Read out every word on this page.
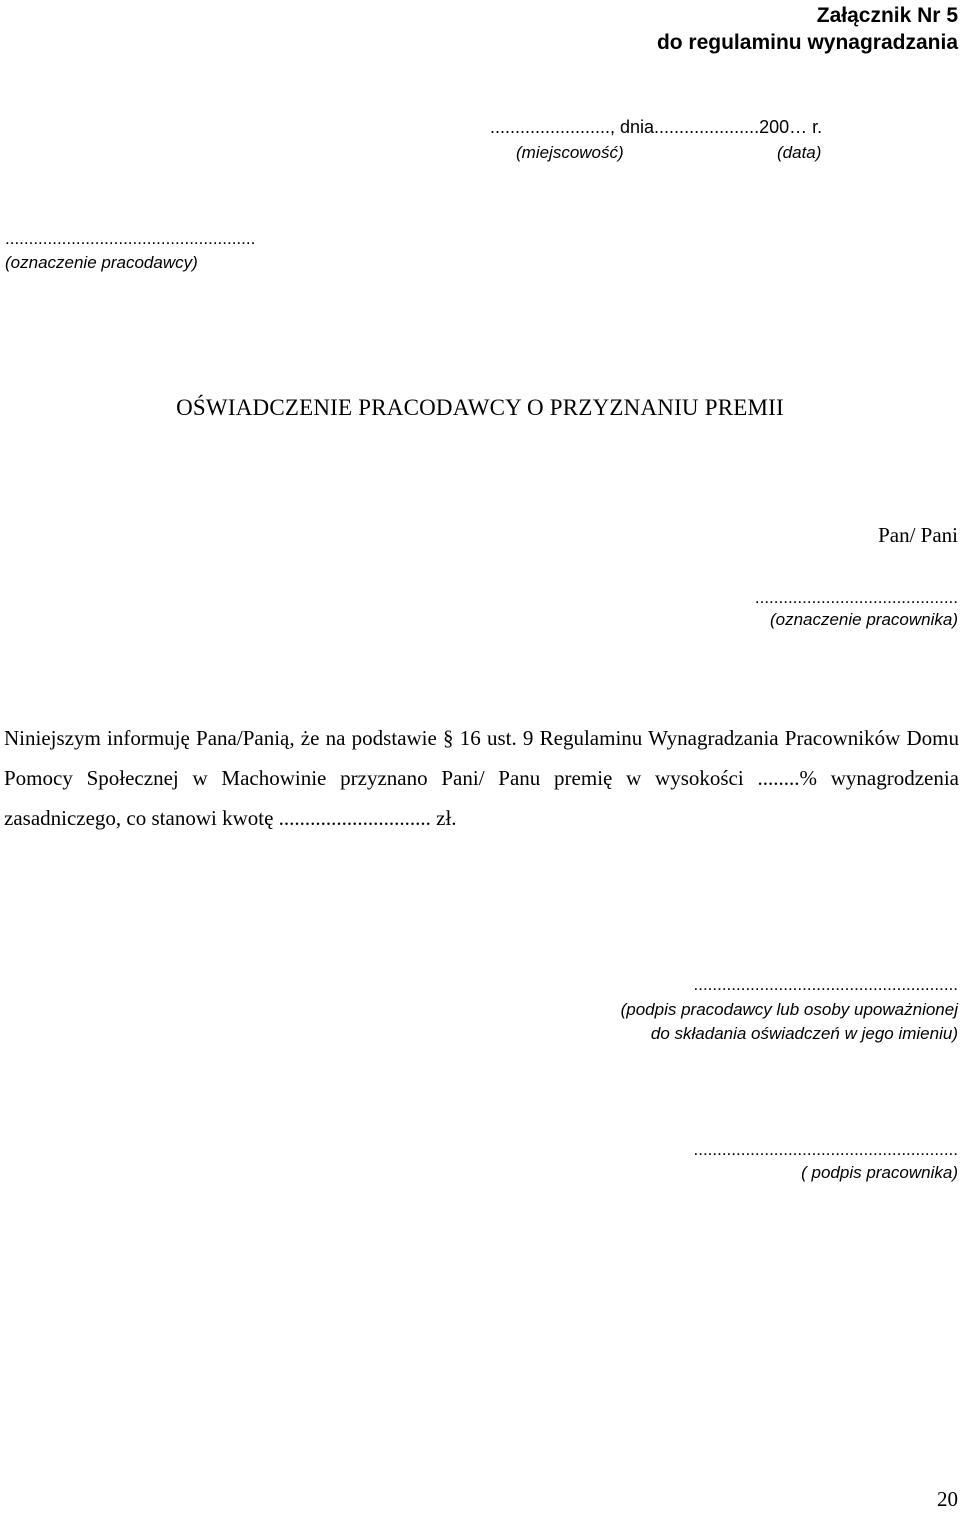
Załącznik Nr 5
do regulaminu wynagradzania
........................, dnia.....................200… r.
(miejscowość)	(data)
.....................................................
(oznaczenie pracodawcy)
OŚWIADCZENIE PRACODAWCY O PRZYZNANIU PREMII
Pan/ Pani
...........................................
(oznaczenie pracownika)
Niniejszym informuję Pana/Panią, że na podstawie § 16 ust. 9 Regulaminu Wynagradzania Pracowników Domu Pomocy Społecznej w Machowinie przyznano Pani/ Panu premię w wysokości ........% wynagrodzenia zasadniczego, co stanowi kwotę ............................. zł.
........................................................
(podpis pracodawcy lub osoby upoważnionej
do składania oświadczeń w jego imieniu)
........................................................
( podpis pracownika)
20
